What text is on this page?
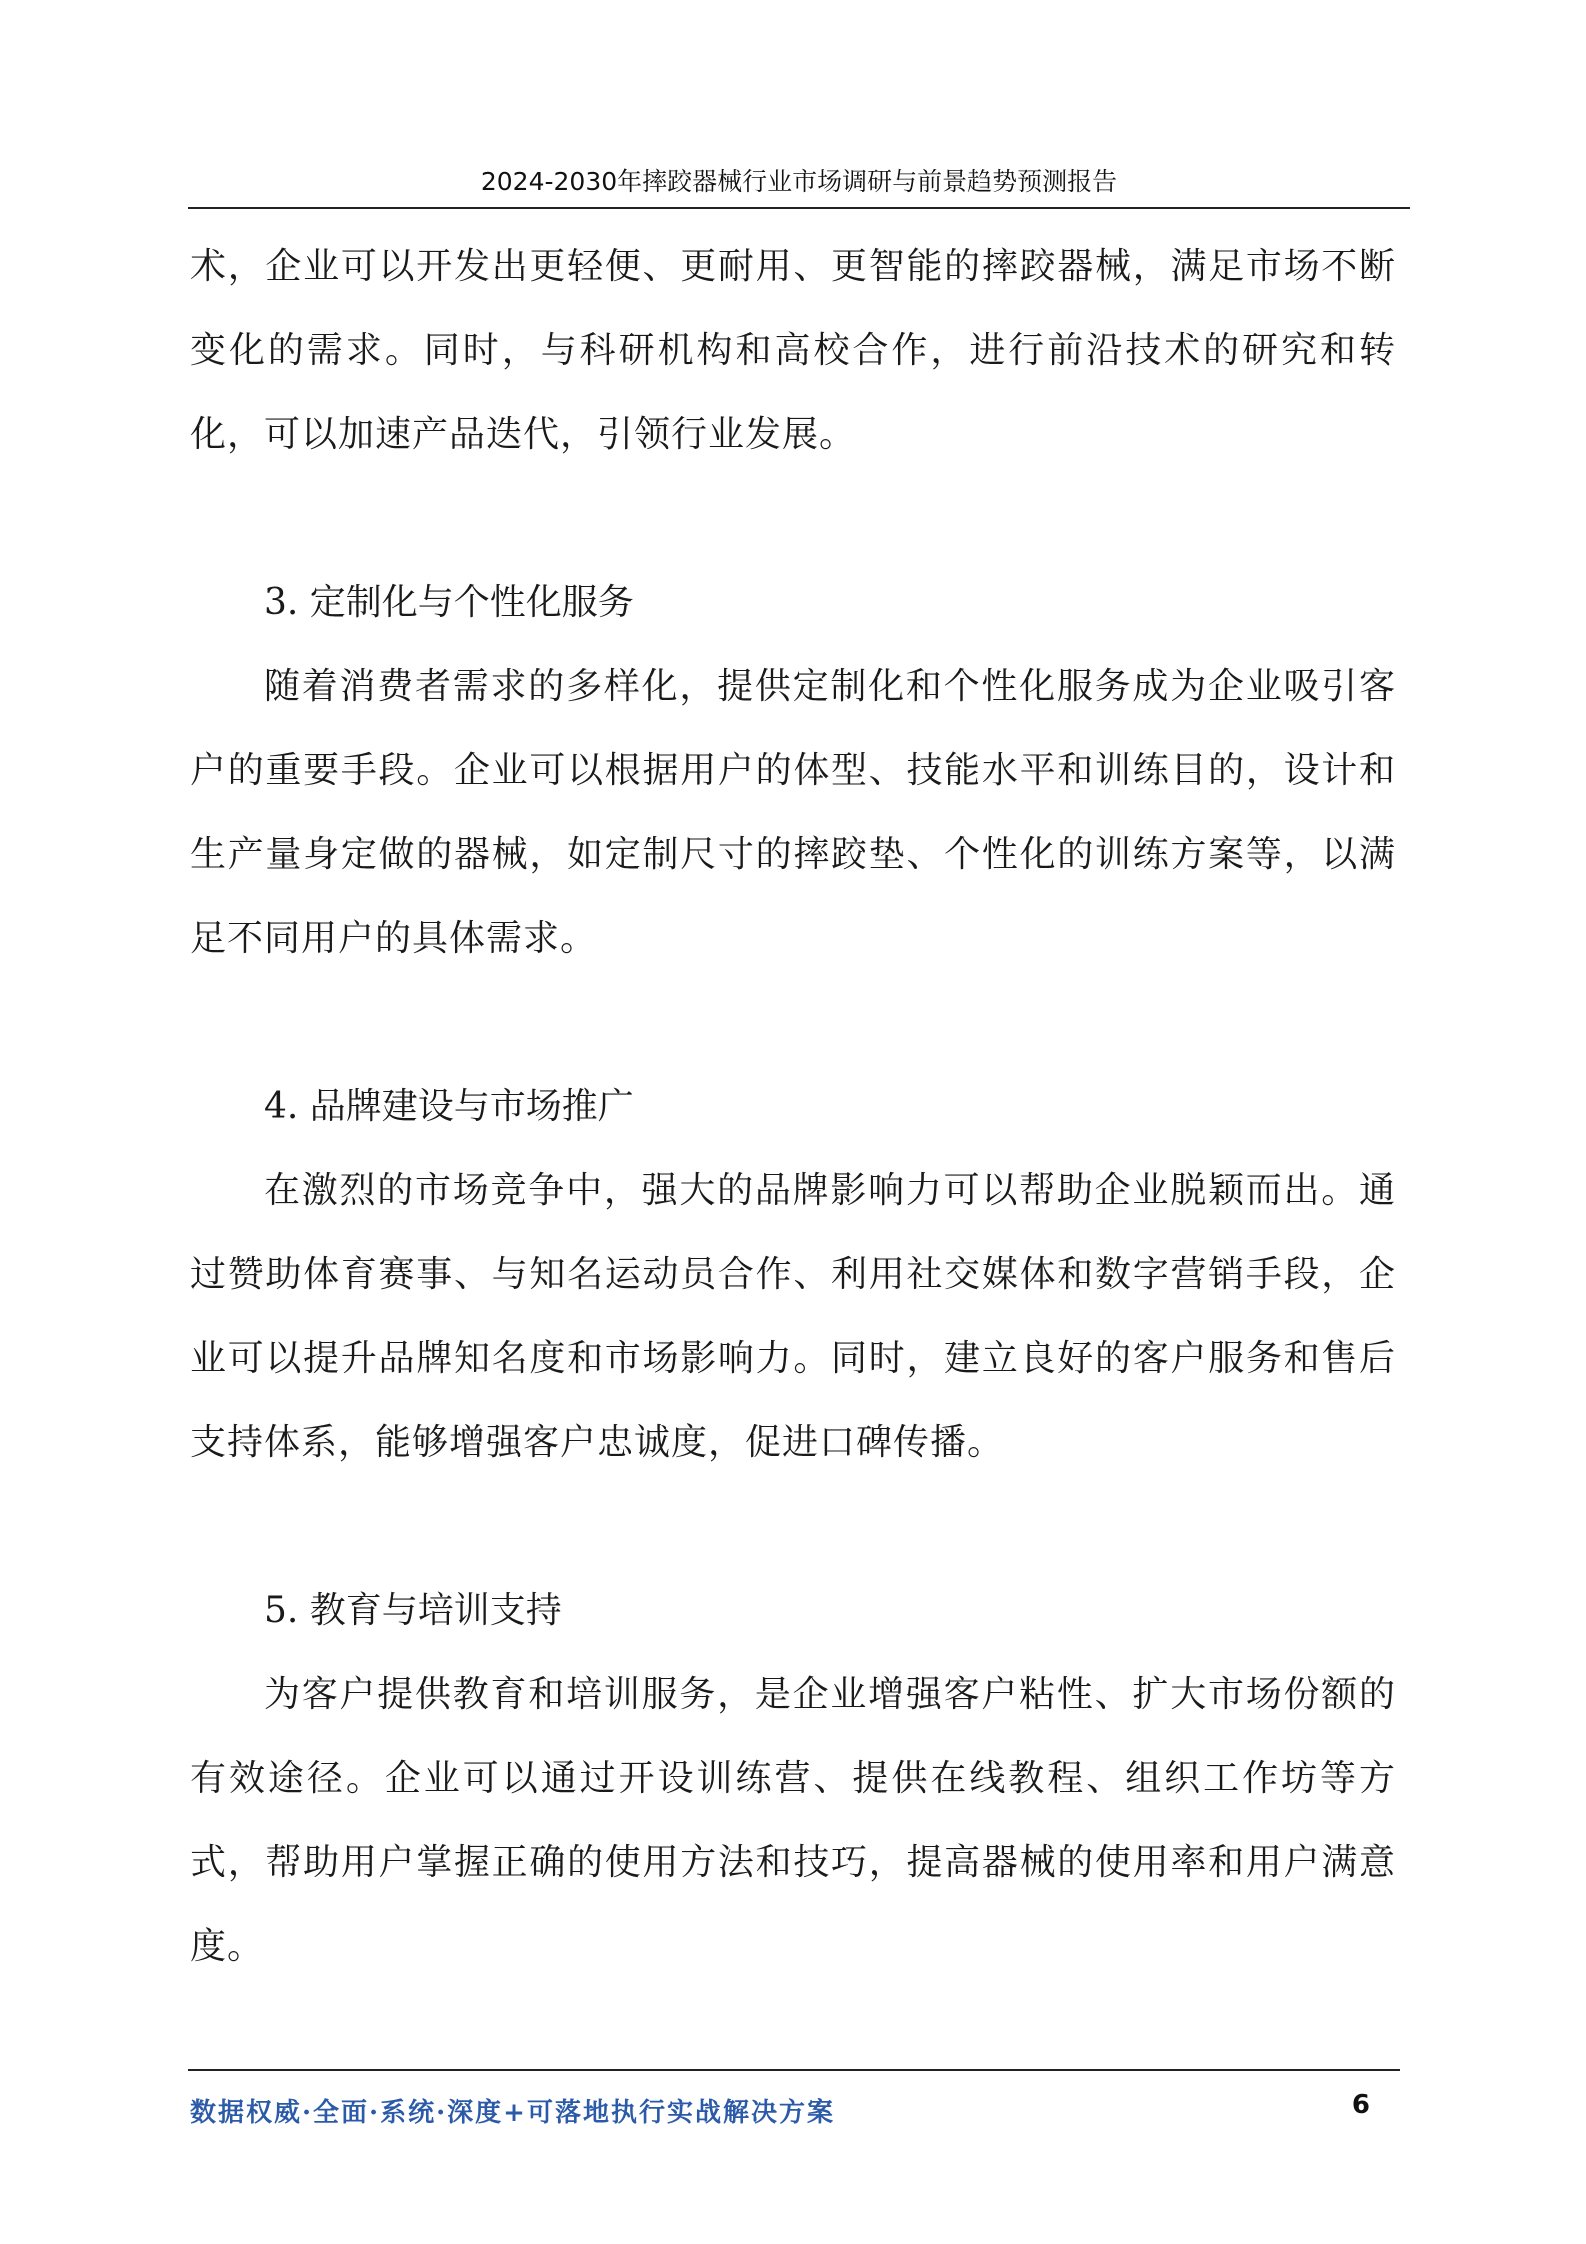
2024-2030年摔跤器械行业市场调研与前景趋势预测报告

术，企业可以开发出更轻便、更耐用、更智能的摔跤器械，满足市场不断变化的需求。同时，与科研机构和高校合作，进行前沿技术的研究和转化，可以加速产品迭代，引领行业发展。

3. 定制化与个性化服务

随着消费者需求的多样化，提供定制化和个性化服务成为企业吸引客户的重要手段。企业可以根据用户的体型、技能水平和训练目的，设计和生产量身定做的器械，如定制尺寸的摔跤垫、个性化的训练方案等，以满足不同用户的具体需求。

4. 品牌建设与市场推广

在激烈的市场竞争中，强大的品牌影响力可以帮助企业脱颖而出。通过赞助体育赛事、与知名运动员合作、利用社交媒体和数字营销手段，企业可以提升品牌知名度和市场影响力。同时，建立良好的客户服务和售后支持体系，能够增强客户忠诚度，促进口碑传播。

5. 教育与培训支持

为客户提供教育和培训服务，是企业增强客户粘性、扩大市场份额的有效途径。企业可以通过开设训练营、提供在线教程、组织工作坊等方式，帮助用户掌握正确的使用方法和技巧，提高器械的使用率和用户满意度。

数据权威·全面·系统·深度+可落地执行实战解决方案	6
